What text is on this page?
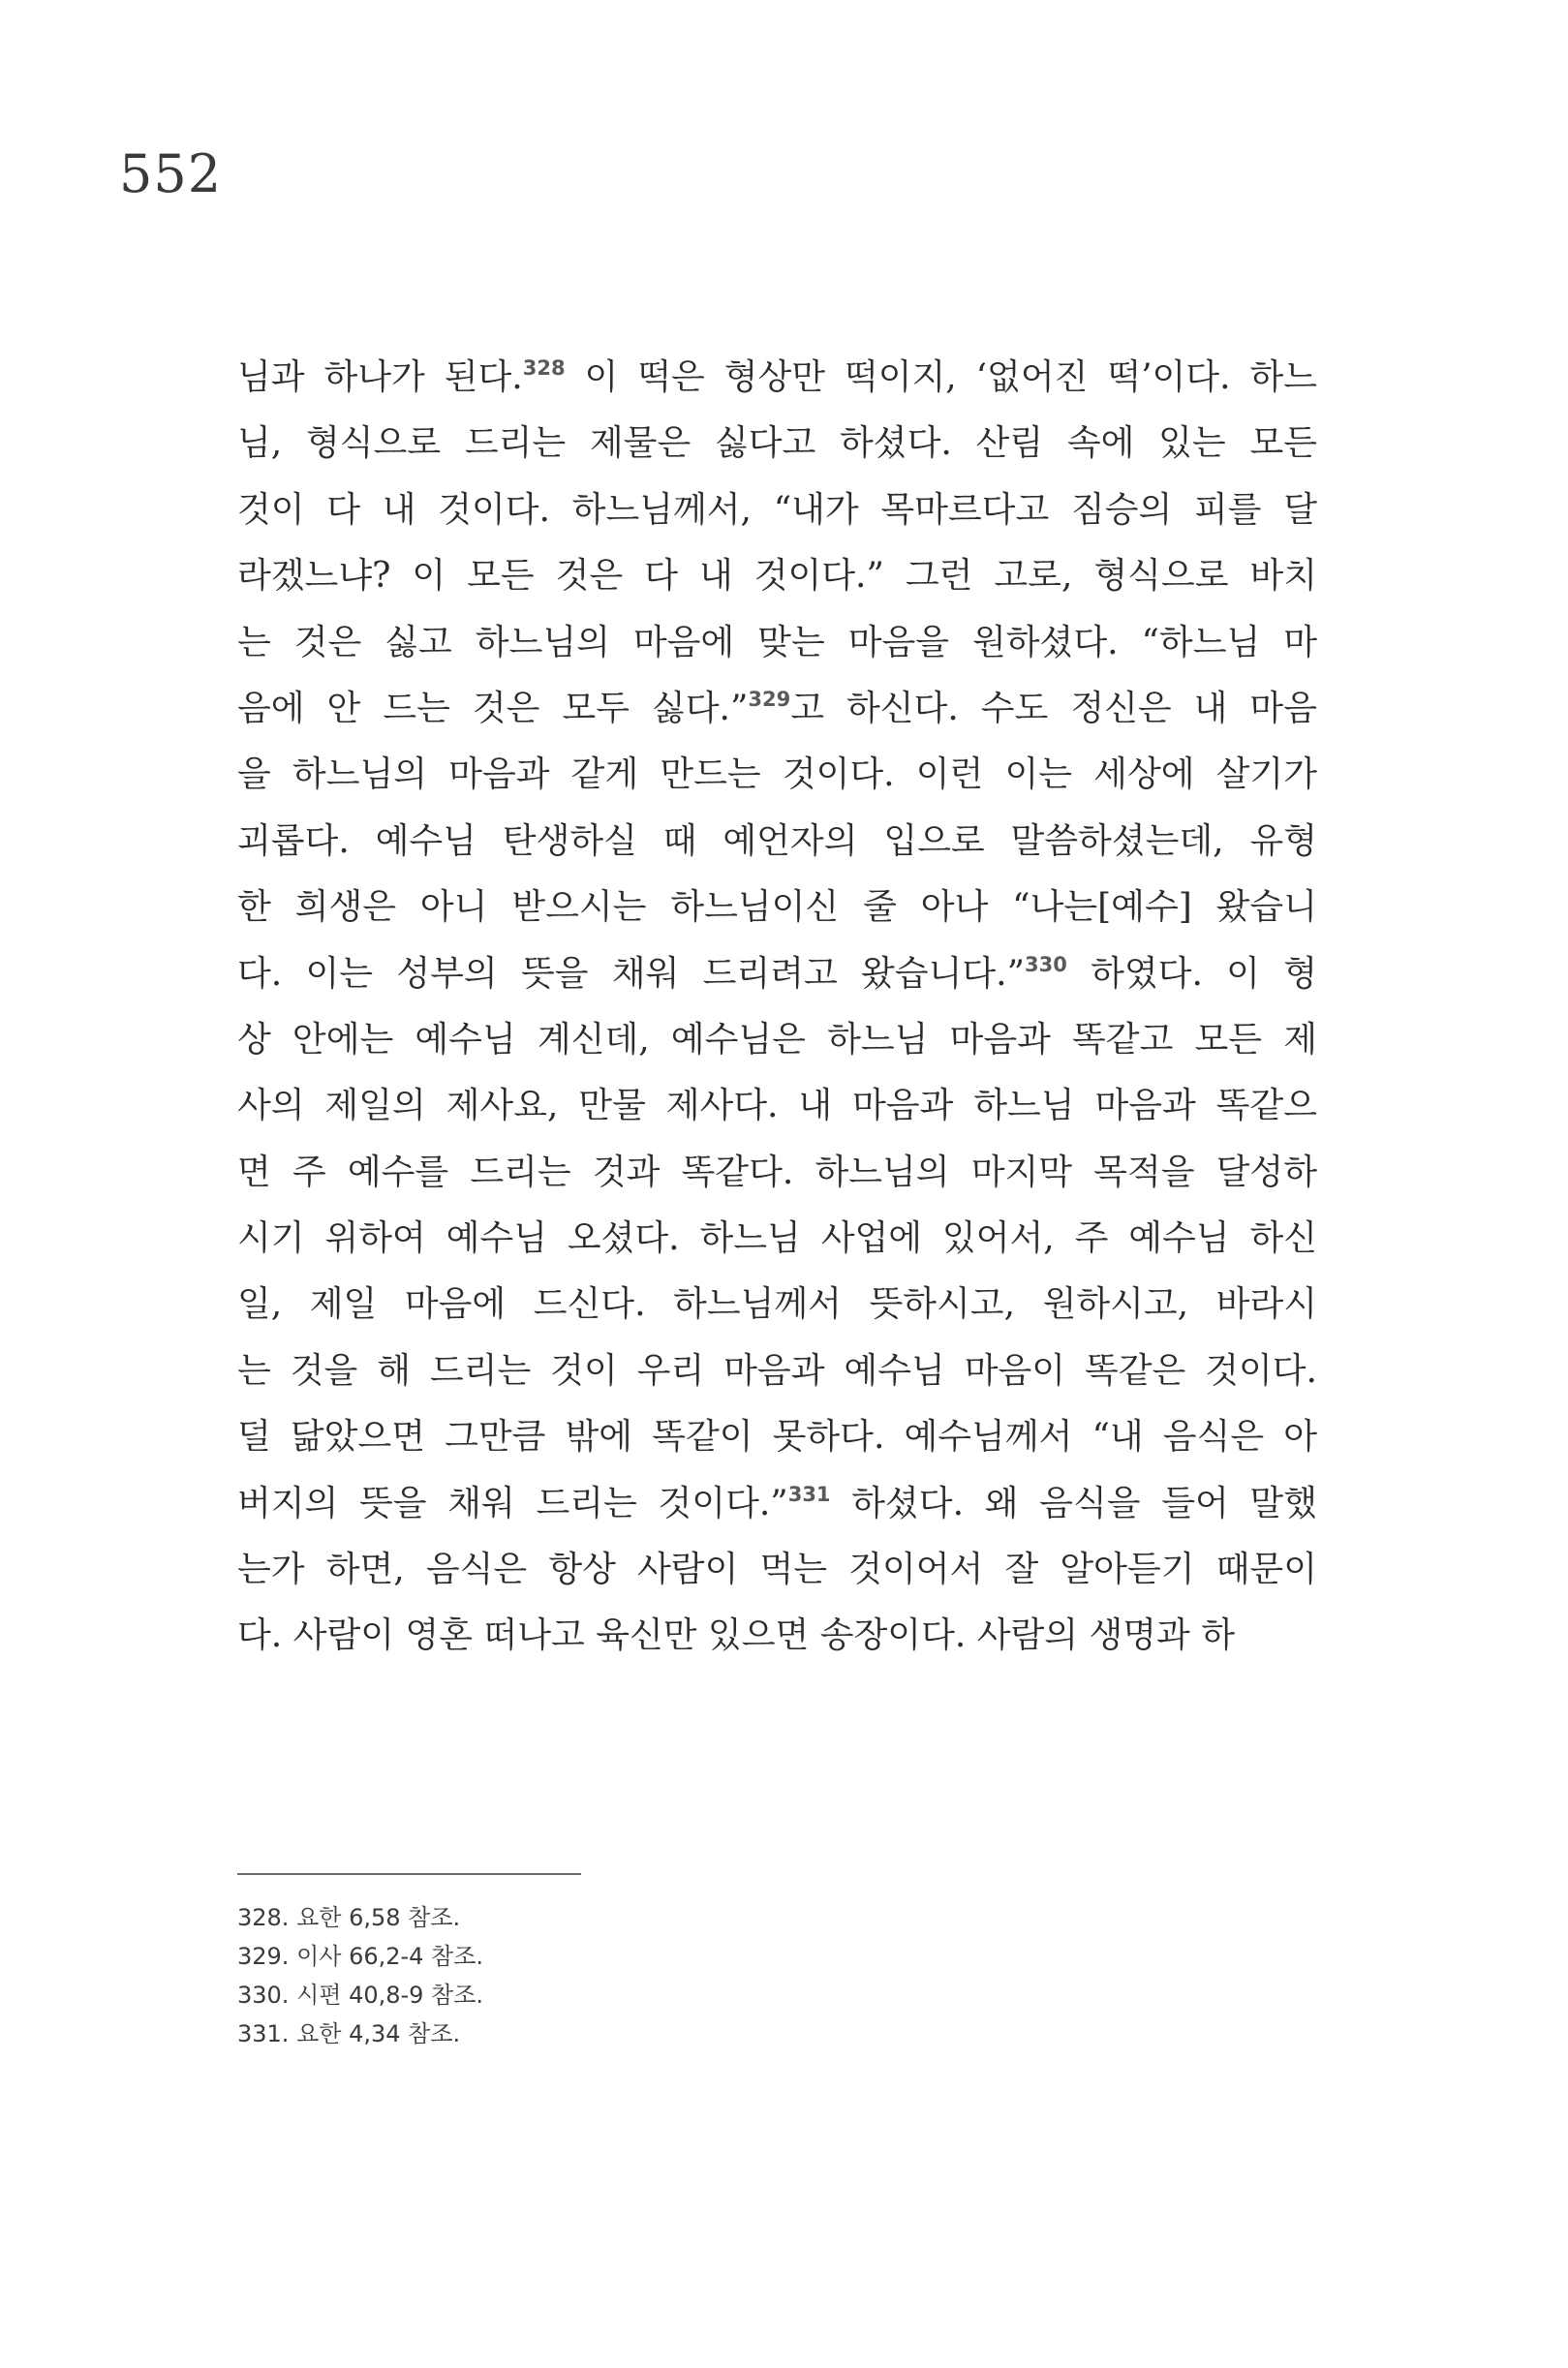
552
님과 하나가 된다.$^{328}$ 이 떡은 형상만 떡이지, ‘없어진 떡’이다. 하느
님, 형식으로 드리는 제물은 싫다고 하셨다. 산림 속에 있는 모든
것이 다 내 것이다. 하느님께서, “내가 목마르다고 짐승의 피를 달
라겠느냐? 이 모든 것은 다 내 것이다.” 그런 고로, 형식으로 바치
는 것은 싫고 하느님의 마음에 맞는 마음을 원하셨다. “하느님 마
음에 안 드는 것은 모두 싫다.”$^{329}$고 하신다. 수도 정신은 내 마음
을 하느님의 마음과 같게 만드는 것이다. 이런 이는 세상에 살기가
괴롭다. 예수님 탄생하실 때 예언자의 입으로 말씀하셨는데, 유형
한 희생은 아니 받으시는 하느님이신 줄 아나 “나는[예수] 왔습니
다. 이는 성부의 뜻을 채워 드리려고 왔습니다.”$^{330}$ 하였다. 이 형
상 안에는 예수님 계신데, 예수님은 하느님 마음과 똑같고 모든 제
사의 제일의 제사요, 만물 제사다. 내 마음과 하느님 마음과 똑같으
면 주 예수를 드리는 것과 똑같다. 하느님의 마지막 목적을 달성하
시기 위하여 예수님 오셨다. 하느님 사업에 있어서, 주 예수님 하신
일, 제일 마음에 드신다. 하느님께서 뜻하시고, 원하시고, 바라시
는 것을 해 드리는 것이 우리 마음과 예수님 마음이 똑같은 것이다.
덜 닮았으면 그만큼 밖에 똑같이 못하다. 예수님께서 “내 음식은 아
버지의 뜻을 채워 드리는 것이다.”$^{331}$ 하셨다. 왜 음식을 들어 말했
는가 하면, 음식은 항상 사람이 먹는 것이어서 잘 알아듣기 때문이
다. 사람이 영혼 떠나고 육신만 있으면 송장이다. 사람의 생명과 하
328. 요한 6,58 참조.
329. 이사 66,2-4 참조.
330. 시편 40,8-9 참조.
331. 요한 4,34 참조.
